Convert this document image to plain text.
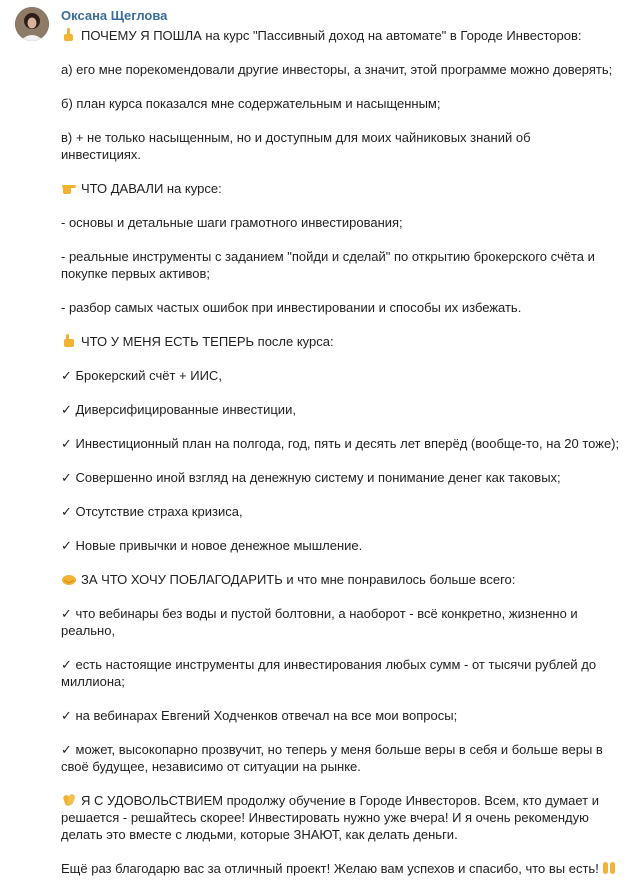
Оксана Щеглова
ПОЧЕМУ Я ПОШЛА на курс "Пассивный доход на автомате" в Городе Инвесторов:
а) его мне порекомендовали другие инвесторы, а значит, этой программе можно доверять;
б) план курса показался мне содержательным и насыщенным;
в) + не только насыщенным, но и доступным для моих чайниковых знаний об
инвестициях.
ЧТО ДАВАЛИ на курсе:
- основы и детальные шаги грамотного инвестирования;
- реальные инструменты с заданием "пойди и сделай" по открытию брокерского счёта и
покупке первых активов;
- разбор самых частых ошибок при инвестировании и способы их избежать.
ЧТО У МЕНЯ ЕСТЬ ТЕПЕРЬ после курса:
✓ Брокерский счёт + ИИС,
✓ Диверсифицированные инвестиции,
✓ Инвестиционный план на полгода, год, пять и десять лет вперёд (вообще-то, на 20 тоже);
✓ Совершенно иной взгляд на денежную систему и понимание денег как таковых;
✓ Отсутствие страха кризиса,
✓ Новые привычки и новое денежное мышление.
ЗА ЧТО ХОЧУ ПОБЛАГОДАРИТЬ и что мне понравилось больше всего:
✓ что вебинары без воды и пустой болтовни, а наоборот - всё конкретно, жизненно и
реально,
✓ есть настоящие инструменты для инвестирования любых сумм - от тысячи рублей до
миллиона;
✓ на вебинарах Евгений Ходченков отвечал на все мои вопросы;
✓ может, высокопарно прозвучит, но теперь у меня больше веры в себя и больше веры в
своё будущее, независимо от ситуации на рынке.
Я С УДОВОЛЬСТВИЕМ продолжу обучение в Городе Инвесторов. Всем, кто думает и
решается - решайтесь скорее! Инвестировать нужно уже вчера! И я очень рекомендую
делать это вместе с людьми, которые ЗНАЮТ, как делать деньги.
Ещё раз благодарю вас за отличный проект! Желаю вам успехов и спасибо, что вы есть!
